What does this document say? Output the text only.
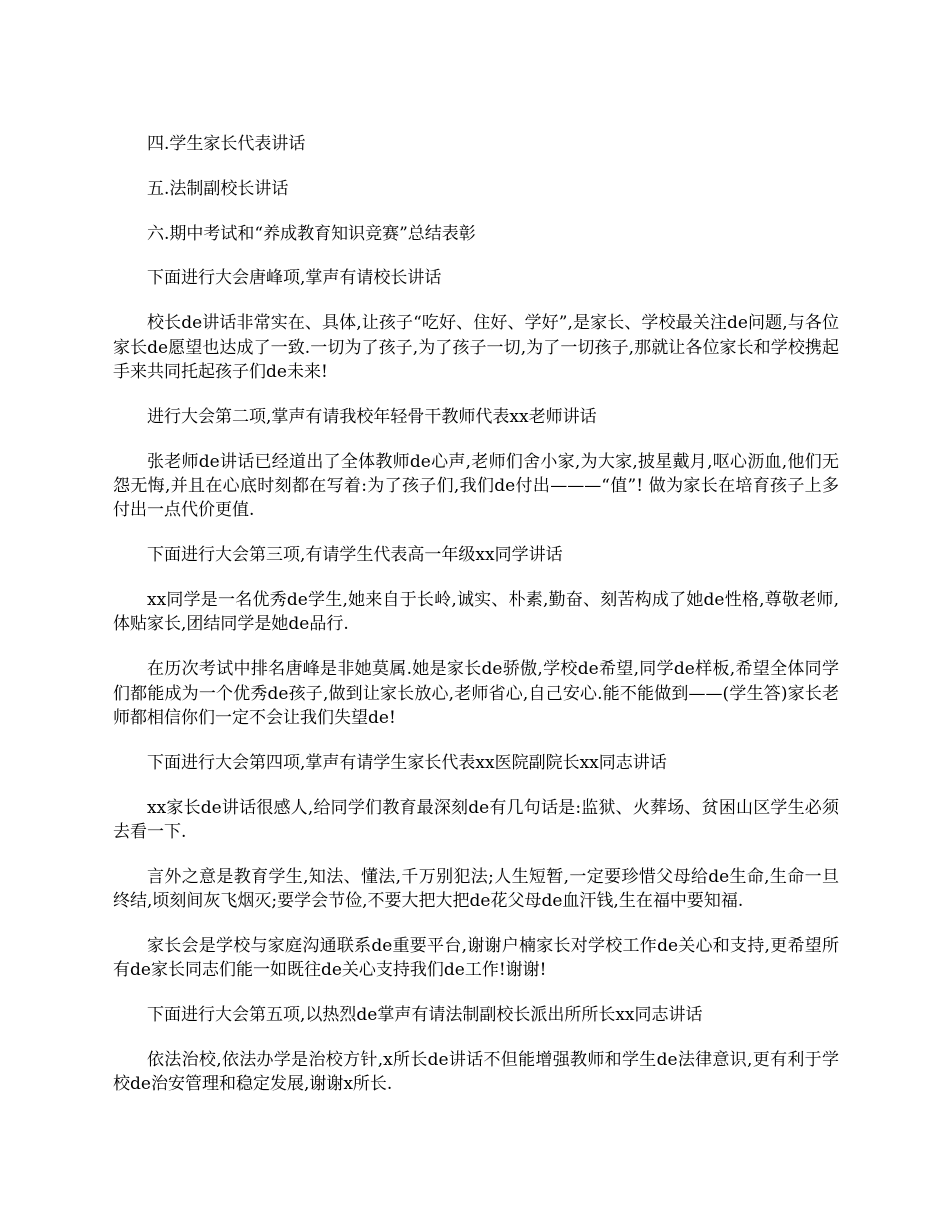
四.学生家长代表讲话

五.法制副校长讲话

六.期中考试和“养成教育知识竞赛”总结表彰

下面进行大会唐峰项,掌声有请校长讲话

校长de讲话非常实在、具体,让孩子“吃好、住好、学好”,是家长、学校最关注de问题,与各位家长de愿望也达成了一致.一切为了孩子,为了孩子一切,为了一切孩子,那就让各位家长和学校携起手来共同托起孩子们de未来!

进行大会第二项,掌声有请我校年轻骨干教师代表xx老师讲话

张老师de讲话已经道出了全体教师de心声,老师们舍小家,为大家,披星戴月,呕心沥血,他们无怨无悔,并且在心底时刻都在写着:为了孩子们,我们de付出———“值”! 做为家长在培育孩子上多付出一点代价更值.

下面进行大会第三项,有请学生代表高一年级xx同学讲话

xx同学是一名优秀de学生,她来自于长岭,诚实、朴素,勤奋、刻苦构成了她de性格,尊敬老师,体贴家长,团结同学是她de品行.

在历次考试中排名唐峰是非她莫属.她是家长de骄傲,学校de希望,同学de样板,希望全体同学们都能成为一个优秀de孩子,做到让家长放心,老师省心,自己安心.能不能做到——(学生答)家长老师都相信你们一定不会让我们失望de!

下面进行大会第四项,掌声有请学生家长代表xx医院副院长xx同志讲话

xx家长de讲话很感人,给同学们教育最深刻de有几句话是:监狱、火葬场、贫困山区学生必须去看一下.

言外之意是教育学生,知法、懂法,千万别犯法;人生短暂,一定要珍惜父母给de生命,生命一旦终结,顷刻间灰飞烟灭;要学会节俭,不要大把大把de花父母de血汗钱,生在福中要知福.

家长会是学校与家庭沟通联系de重要平台,谢谢户楠家长对学校工作de关心和支持,更希望所有de家长同志们能一如既往de关心支持我们de工作!谢谢!

下面进行大会第五项,以热烈de掌声有请法制副校长派出所所长xx同志讲话

依法治校,依法办学是治校方针,x所长de讲话不但能增强教师和学生de法律意识,更有利于学校de治安管理和稳定发展,谢谢x所长.
